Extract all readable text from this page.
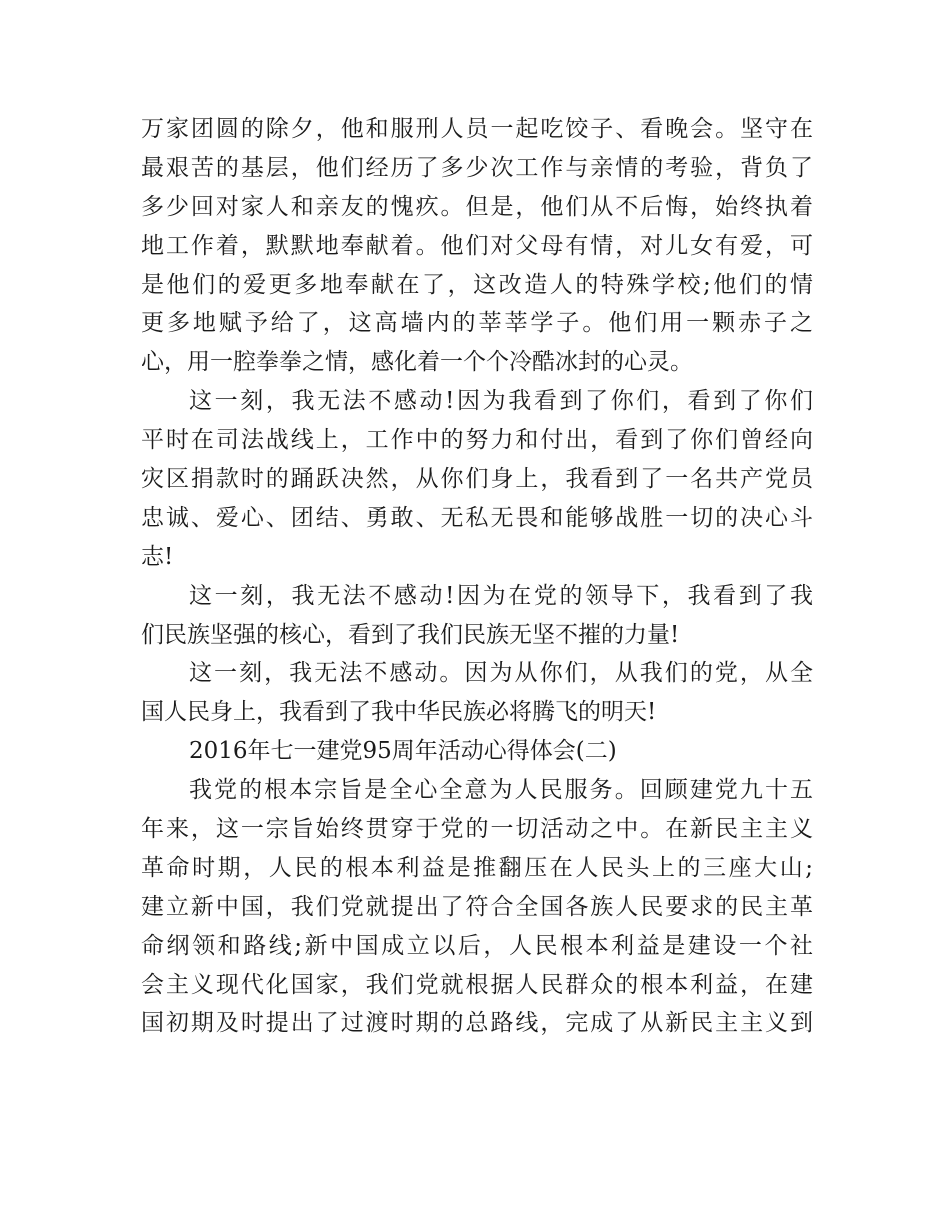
万家团圆的除夕，他和服刑人员一起吃饺子、看晚会。坚守在
最艰苦的基层，他们经历了多少次工作与亲情的考验，背负了
多少回对家人和亲友的愧疚。但是，他们从不后悔，始终执着
地工作着，默默地奉献着。他们对父母有情，对儿女有爱，可
是他们的爱更多地奉献在了，这改造人的特殊学校;他们的情
更多地赋予给了，这高墙内的莘莘学子。他们用一颗赤子之
心，用一腔拳拳之情，感化着一个个冷酷冰封的心灵。
这一刻，我无法不感动!因为我看到了你们，看到了你们
平时在司法战线上，工作中的努力和付出，看到了你们曾经向
灾区捐款时的踊跃决然，从你们身上，我看到了一名共产党员
忠诚、爱心、团结、勇敢、无私无畏和能够战胜一切的决心斗
志!
这一刻，我无法不感动!因为在党的领导下，我看到了我
们民族坚强的核心，看到了我们民族无坚不摧的力量!
这一刻，我无法不感动。因为从你们，从我们的党，从全
国人民身上，我看到了我中华民族必将腾飞的明天!
2016年七一建党95周年活动心得体会(二)
我党的根本宗旨是全心全意为人民服务。回顾建党九十五
年来，这一宗旨始终贯穿于党的一切活动之中。在新民主主义
革命时期，人民的根本利益是推翻压在人民头上的三座大山;
建立新中国，我们党就提出了符合全国各族人民要求的民主革
命纲领和路线;新中国成立以后，人民根本利益是建设一个社
会主义现代化国家，我们党就根据人民群众的根本利益，在建
国初期及时提出了过渡时期的总路线，完成了从新民主主义到
